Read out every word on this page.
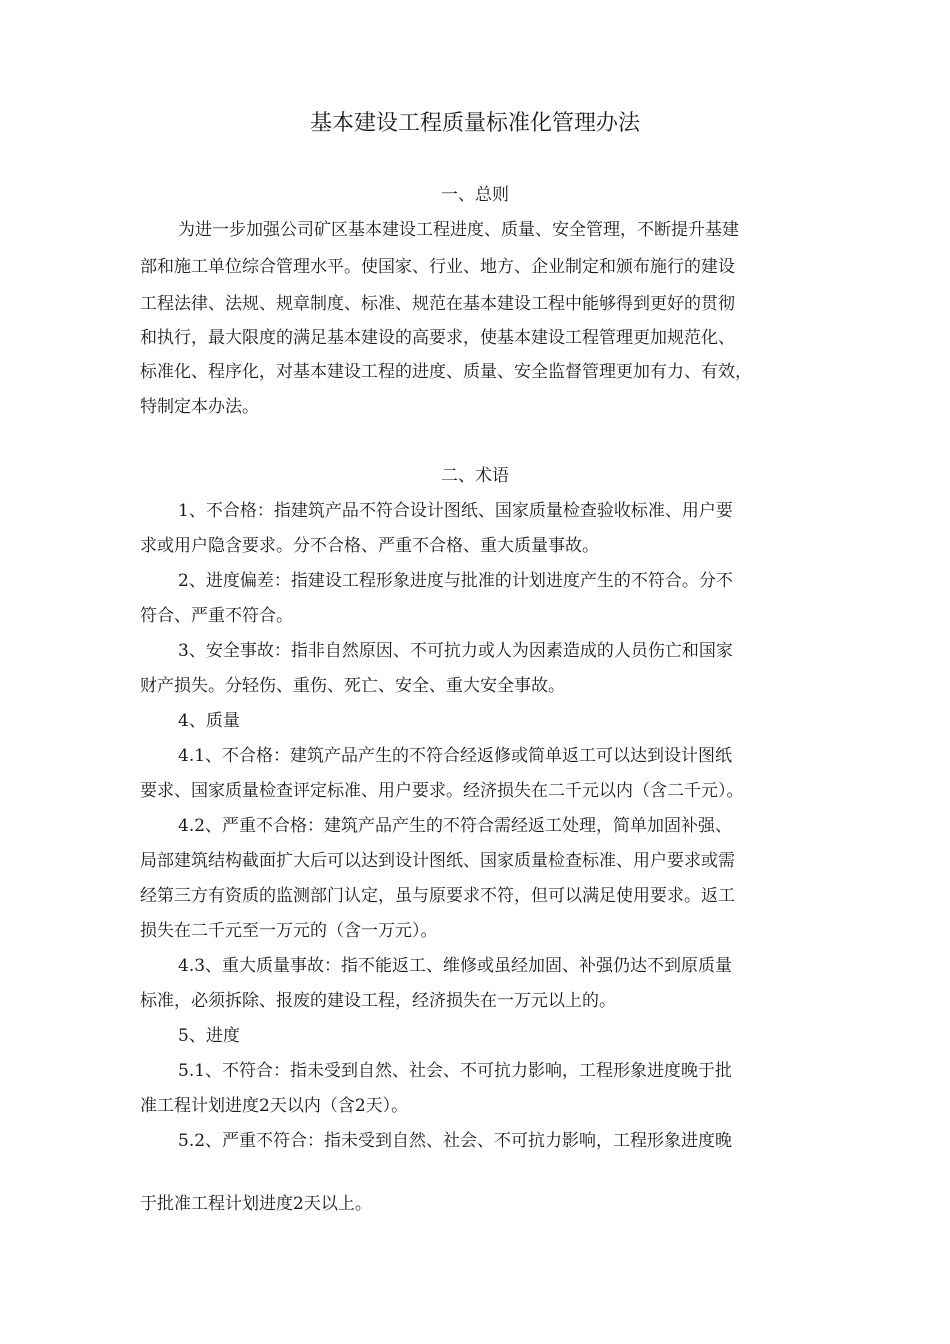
基本建设工程质量标准化管理办法
一、总则
为进一步加强公司矿区基本建设工程进度、质量、安全管理，不断提升基建
部和施工单位综合管理水平。使国家、行业、地方、企业制定和颁布施行的建设
工程法律、法规、规章制度、标准、规范在基本建设工程中能够得到更好的贯彻
和执行，最大限度的满足基本建设的高要求，使基本建设工程管理更加规范化、
标准化、程序化，对基本建设工程的进度、质量、安全监督管理更加有力、有效，
特制定本办法。
二、术语
1、不合格：指建筑产品不符合设计图纸、国家质量检查验收标准、用户要
求或用户隐含要求。分不合格、严重不合格、重大质量事故。
2、进度偏差：指建设工程形象进度与批准的计划进度产生的不符合。分不
符合、严重不符合。
3、安全事故：指非自然原因、不可抗力或人为因素造成的人员伤亡和国家
财产损失。分轻伤、重伤、死亡、安全、重大安全事故。
4、质量
4.1、不合格：建筑产品产生的不符合经返修或简单返工可以达到设计图纸
要求、国家质量检查评定标准、用户要求。经济损失在二千元以内（含二千元）。
4.2、严重不合格：建筑产品产生的不符合需经返工处理，简单加固补强、
局部建筑结构截面扩大后可以达到设计图纸、国家质量检查标准、用户要求或需
经第三方有资质的监测部门认定，虽与原要求不符，但可以满足使用要求。返工
损失在二千元至一万元的（含一万元）。
4.3、重大质量事故：指不能返工、维修或虽经加固、补强仍达不到原质量
标准，必须拆除、报废的建设工程，经济损失在一万元以上的。
5、进度
5.1、不符合：指未受到自然、社会、不可抗力影响，工程形象进度晚于批
准工程计划进度2天以内（含2天）。
5.2、严重不符合：指未受到自然、社会、不可抗力影响，工程形象进度晚
于批准工程计划进度2天以上。
